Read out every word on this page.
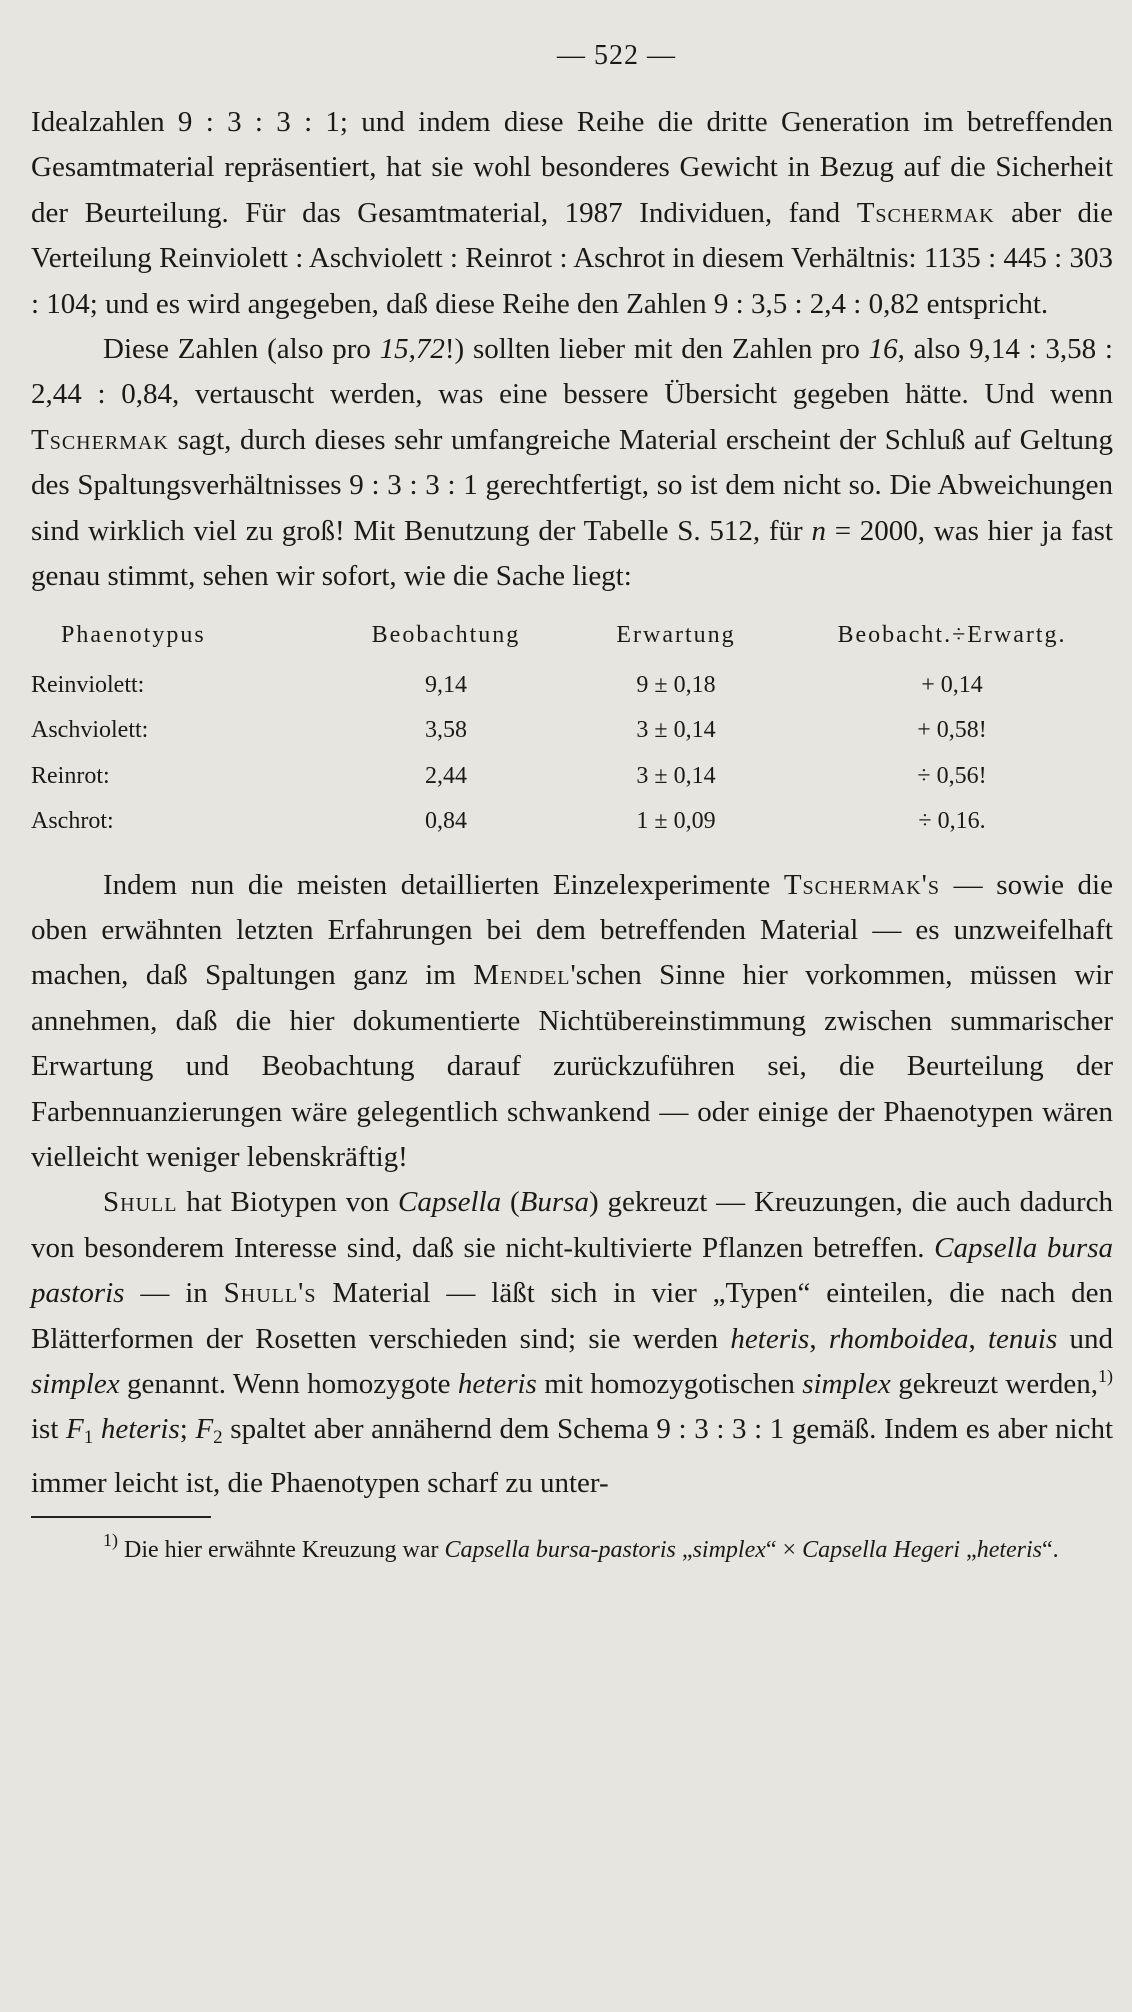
— 522 —

Idealzahlen 9 : 3 : 3 : 1; und indem diese Reihe die dritte Generation im betreffenden Gesamtmaterial repräsentiert, hat sie wohl besonderes Gewicht in Bezug auf die Sicherheit der Beurteilung. Für das Gesamtmaterial, 1987 Individuen, fand Tschermak aber die Verteilung Reinviolett : Aschviolett : Reinrot : Aschrot in diesem Verhältnis: 1135 : 445 : 303 : 104; und es wird angegeben, daß diese Reihe den Zahlen 9 : 3,5 : 2,4 : 0,82 entspricht.

Diese Zahlen (also pro 15,72!) sollten lieber mit den Zahlen pro 16, also 9,14 : 3,58 : 2,44 : 0,84, vertauscht werden, was eine bessere Übersicht gegeben hätte. Und wenn Tschermak sagt, durch dieses sehr umfangreiche Material erscheint der Schluß auf Geltung des Spaltungsverhältnisses 9 : 3 : 3 : 1 gerechtfertigt, so ist dem nicht so. Die Abweichungen sind wirklich viel zu groß! Mit Benutzung der Tabelle S. 512, für n = 2000, was hier ja fast genau stimmt, sehen wir sofort, wie die Sache liegt:

Phaenotypus	Beobachtung	Erwartung	Beobacht.÷Erwartg.
Reinviolett:	9,14	9 ± 0,18	+ 0,14
Aschviolett:	3,58	3 ± 0,14	+ 0,58!
Reinrot:	2,44	3 ± 0,14	÷ 0,56!
Aschrot:	0,84	1 ± 0,09	÷ 0,16.

Indem nun die meisten detaillierten Einzelexperimente Tschermak's — sowie die oben erwähnten letzten Erfahrungen bei dem betreffenden Material — es unzweifelhaft machen, daß Spaltungen ganz im Mendel'schen Sinne hier vorkommen, müssen wir annehmen, daß die hier dokumentierte Nichtübereinstimmung zwischen summarischer Erwartung und Beobachtung darauf zurückzuführen sei, die Beurteilung der Farbennuanzierungen wäre gelegentlich schwankend — oder einige der Phaenotypen wären vielleicht weniger lebenskräftig!

Shull hat Biotypen von Capsella (Bursa) gekreuzt — Kreuzungen, die auch dadurch von besonderem Interesse sind, daß sie nicht-kultivierte Pflanzen betreffen. Capsella bursa pastoris — in Shull's Material — läßt sich in vier „Typen“ einteilen, die nach den Blätterformen der Rosetten verschieden sind; sie werden heteris, rhomboidea, tenuis und simplex genannt. Wenn homozygote heteris mit homozygotischen simplex gekreuzt werden,$^{1)}$ ist $F_1$ heteris; $F_2$ spaltet aber annähernd dem Schema 9 : 3 : 3 : 1 gemäß. Indem es aber nicht immer leicht ist, die Phaenotypen scharf zu unter-

$^{1)}$ Die hier erwähnte Kreuzung war Capsella bursa-pastoris „simplex“ × Capsella Hegeri „heteris“.
